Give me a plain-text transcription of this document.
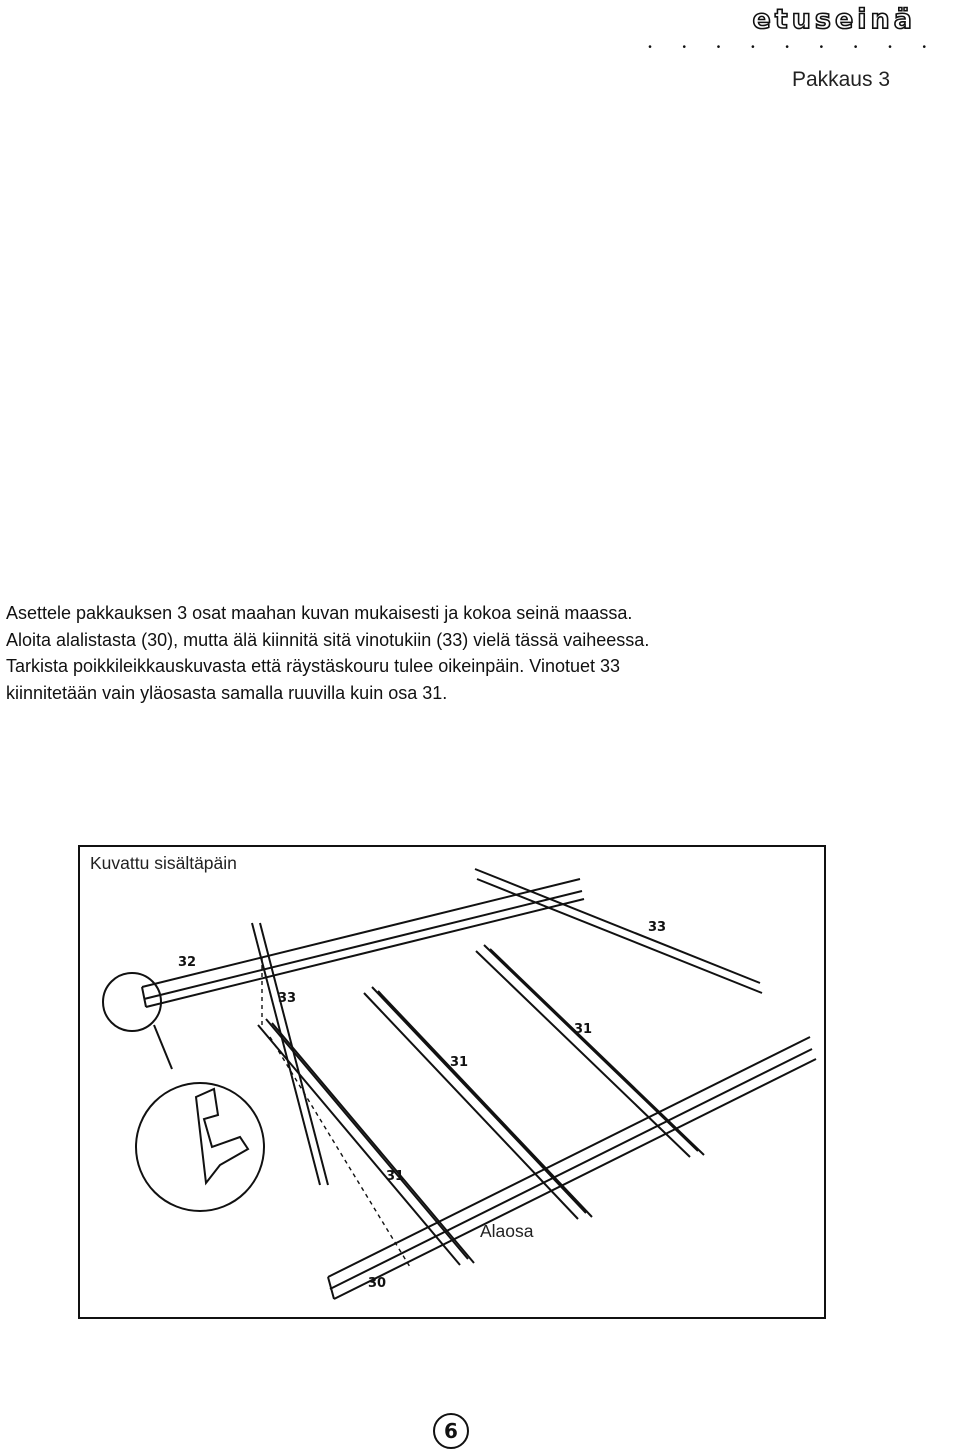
etuseinä
• • • • • • • • •
Pakkaus 3
Asettele pakkauksen 3 osat maahan kuvan mukaisesti ja kokoa seinä maassa.
Aloita alalistasta (30), mutta älä kiinnitä sitä vinotukiin (33) vielä tässä vaiheessa.
Tarkista poikkileikkauskuvasta että räystäskouru tulee oikeinpäin. Vinotuet 33
kiinnitetään vain yläosasta samalla ruuvilla kuin osa 31.
32
33
33
31
31
31
30
Kuvattu sisältäpäin
Alaosa
6
